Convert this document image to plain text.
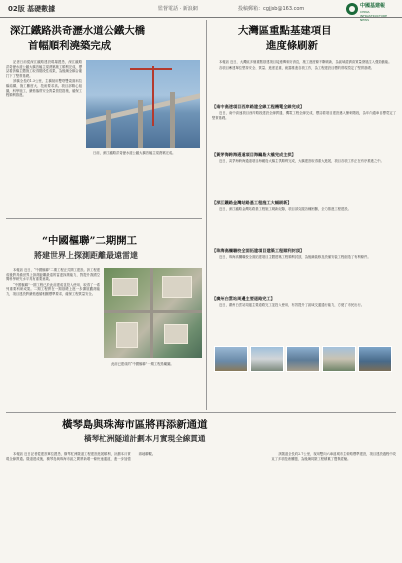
02版 基礎數據	監督電話 · 新浪網	投稿郵箱：cgjjsb@163.com	中國基建報
CHINA INFRASTRUCTURE NEWS
深江鐵路洪奇瀝水道公鐵大橋
首幅順利澆築完成

記者日前從深江鐵路建設現場獲悉，深江鐵路洪奇瀝水道公鐵大橋首幅主梁澆築施工順利完成，標誌着該橋主體施工取得階段性成果，為後續全橋合龍打下了堅實基礎。

該橋全長約1.3公里，主橋採用雙塔雙索面斜拉橋結構，施工難度大、技術要求高。項目部精心組織，科學施工，嚴格落實安全質量管控措施，確保工程順利推進。

日前，深江鐵路洪奇瀝水道公鐵大橋首幅主梁澆築完成。

“中國樞聯”二期開工
將建世界上探測距離最遠雷達

本報訊 近日，“中國樞聯”二期工程正式開工建設。該工程建成後將具備世界上探測距離最遠的雷達探測能力，對提升我國空間科學研究水平具有重要意義。

“中國樞聯”一期工程已於此前建成並投入使用，取得了一系列重要科研成果。二期工程將在一期基礎上進一步擴展觀測能力，項目建設將嚴格遵循相關標準要求，確保工程質量安全。

此前已建成的“中國樞聯”一期工程鳥瞰圖。

大灣區重點基建項目
進度條刷新

本報訊 近日，大灣區多個重點基建項目接連傳來好消息，施工進度條不斷刷新，為區域經濟高質量發展注入強勁動能。

各項目參建單位堅持安全、質量、進度並重，統籌推進各項工作，為工程建設目標的實現奠定了堅實基礎。

【南中高速項目西岸路建全線工程機電全線完成】

近日，南中高速項目西岸路段建設全線貫通，機電工程全線完成，標誌着項目建設邁入衝刺階段，為年內通車目標奠定了堅實基礎。

【黃茅海跨海通道項目海鷗島大橋完成主拱】

近日，黃茅海跨海通道項目海鷗島大橋主拱順利完成，大橋建設取得重大進展，項目各項工作正在有序推進之中。

【深江鐵路金灣站路基工程施工大幅刷新】

近日，深江鐵路金灣站路基工程施工刷新紀錄，項目部克服各種困難，全力推進工程建設。

【珠海高欄職校全面拓建項目建築工程順利封頂】

近日，珠海高欄職校全面拓建項目主體建築工程順利封頂，為後續裝修及設備安裝工程創造了有利條件。

【廣州白雲站周邊主要道路完工】

近日，廣州白雲站周邊主要道路完工並投入使用，有效提升了區域交通通行能力，方便了市民出行。

橫琴島與珠海市區將再添新通道
橫琴杧洲隧道計劃本月實現全線貫通

本報訊 近日記者從建設單位獲悉，橫琴杧洲隧道工程建設進展順利，計劃本月實現全線貫通。隧道建成後，橫琴島與珠海市區之間將新增一條快速通道，進一步加強兩地聯繫。	該隧道全長約2.7公里，採用雙向六車道城市主幹路標準建設，項目建設過程中攻克了多項技術難題，為後續同類工程積累了寶貴經驗。
